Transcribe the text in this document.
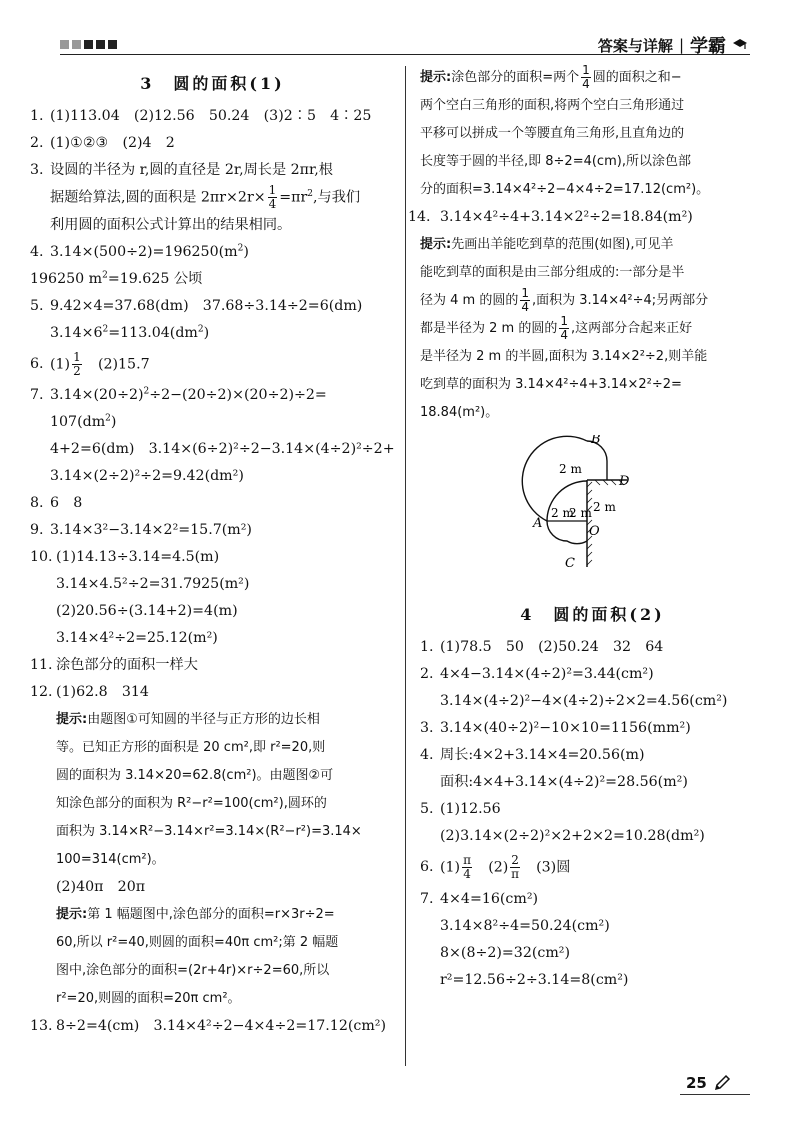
答案与详解 | 学霸
3　圆的面积(1)
1. (1)113.04　(2)12.56　50.24　(3)2∶5　4∶25
2. (1)①②③　(2)4　2
3. 设圆的半径为 r,圆的直径是 2r,周长是 2πr,根
据题给算法,圆的面积是 $2\pi r\times 2r\times \frac{1}{4} =\pi r^2$,与我们
利用圆的面积公式计算出的结果相同。
4. $3.14\times(500\div 2)=196250(m^2)$
196250 $m^2=19.625$ 公顷
5. 9.42×4=37.68(dm)　37.68÷3.14÷2=6(dm)
$3.14\times 6^2=113.04(dm^2)$
6. $(1) \frac{1}{2}$ 　(2)15.7
7. $3.14\times(20\div 2)^2\div 2-(20\div 2)\times(20\div 2)\div 2=$
$107(dm^2)$
4+2=6(dm)　3.14×(6÷2)²÷2−3.14×(4÷2)²÷2+
3.14×(2÷2)²÷2=9.42(dm²)
8. 6　8
9. 3.14×3²−3.14×2²=15.7(m²)
10. (1)14.13÷3.14=4.5(m)　3.14×4.5²÷2=31.7925(m²)
(2)20.56÷(3.14+2)=4(m)
3.14×4²÷2=25.12(m²)
11. 涂色部分的面积一样大
12. (1)62.8　314
提示:由题图①可知圆的半径与正方形的边长相
等。已知正方形的面积是 20 cm²,即 r²=20,则
圆的面积为 3.14×20=62.8(cm²)。由题图②可
知涂色部分的面积为 R²−r²=100(cm²),圆环的
面积为 3.14×R²−3.14×r²=3.14×(R²−r²)=3.14×
100=314(cm²)。
(2)40π　20π
提示:第 1 幅题图中,涂色部分的面积=r×3r÷2=
60,所以 r²=40,则圆的面积=40π cm²;第 2 幅题
图中,涂色部分的面积=(2r+4r)×r÷2=60,所以
r²=20,则圆的面积=20π cm²。
13. 8÷2=4(cm)　3.14×4²÷2−4×4÷2=17.12(cm²)
提示:涂色部分的面积=两个 $\frac{1}{4}$ 圆的面积之和−
两个空白三角形的面积,将两个空白三角形通过
平移可以拼成一个等腰直角三角形,且直角边的
长度等于圆的半径,即 8÷2=4(cm),所以涂色部
分的面积=3.14×4²÷2−4×4÷2=17.12(cm²)。
14. 3.14×4²÷4+3.14×2²÷2=18.84(m²)
提示:先画出羊能吃到草的范围(如图),可见羊
能吃到草的面积是由三部分组成的:一部分是半
径为 4 m 的圆的 $\frac{1}{4}$ ,面积为 3.14×4²÷4;另两部分
都是半径为 2 m 的圆的 $\frac{1}{4}$ ,这两部分合起来正好
是半径为 2 m 的半圆,面积为 3.14×2²÷2,则羊能
吃到草的面积为 3.14×4²÷4+3.14×2²÷2=
18.84(m²)。
B
D
A
O
C
2 m
2 m
2 m
2 m
4　圆的面积(2)
1. (1)78.5　50　(2)50.24　32　64
2. 4×4−3.14×(4÷2)²=3.44(cm²)
3.14×(4÷2)²−4×(4÷2)÷2×2=4.56(cm²)
3. 3.14×(40÷2)²−10×10=1156(mm²)
4. 周长:4×2+3.14×4=20.56(m)
面积:4×4+3.14×(4÷2)²=28.56(m²)
5. (1)12.56
(2)3.14×(2÷2)²×2+2×2=10.28(dm²)
6. $(1) \frac{\pi}{4}$ 　$(2) \frac{2}{\pi}$ 　(3)圆
7. 4×4=16(cm²)
3.14×8²÷4=50.24(cm²)
8×(8÷2)=32(cm²)
r²=12.56÷2÷3.14=8(cm²)
25
